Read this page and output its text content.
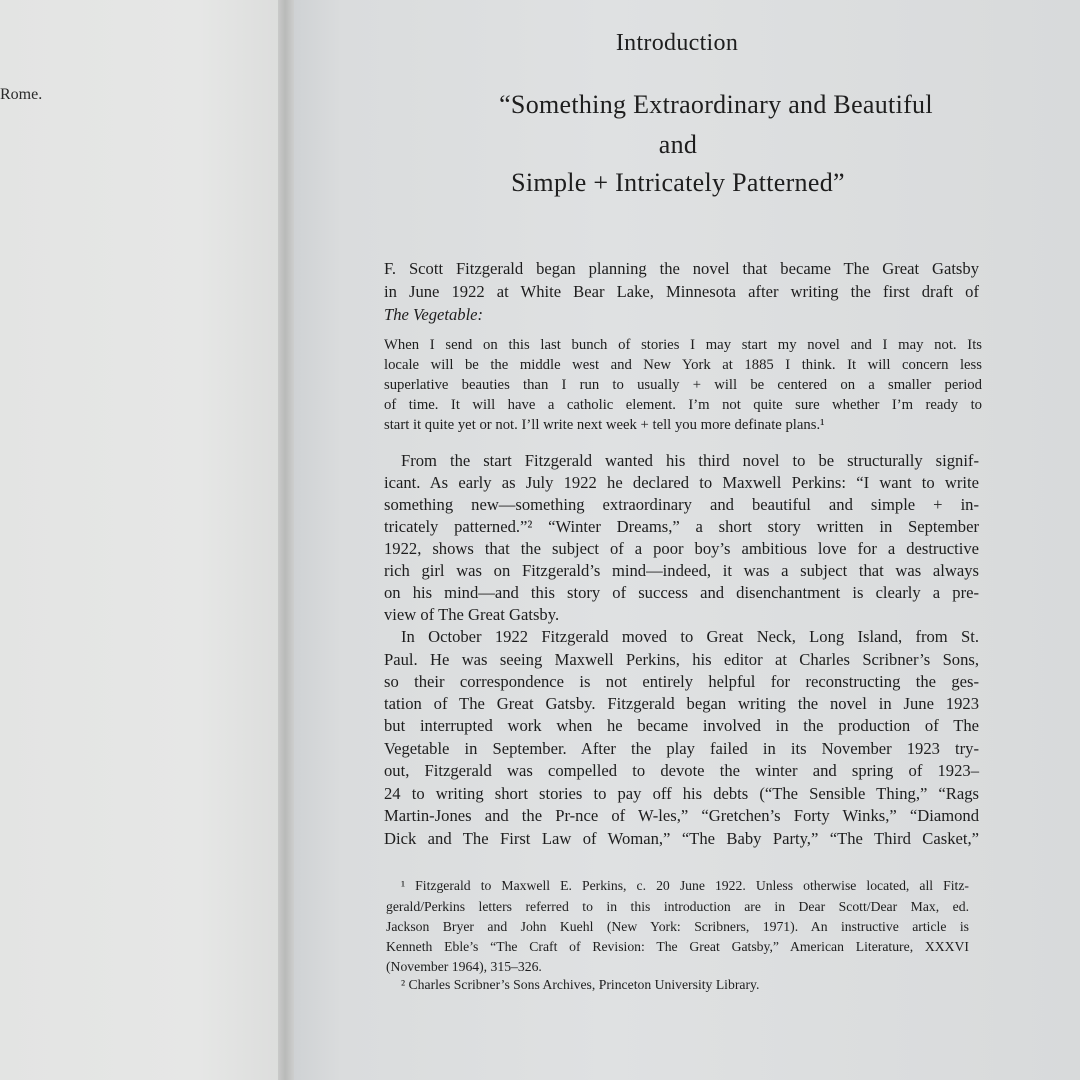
Rome.
Introduction
“Something Extraordinary and Beautiful
and
Simple + Intricately Patterned”
F. Scott Fitzgerald began planning the novel that became The Great Gatsby
in June 1922 at White Bear Lake, Minnesota after writing the first draft of
The Vegetable:
When I send on this last bunch of stories I may start my novel and I may not. Its
locale will be the middle west and New York at 1885 I think. It will concern less
superlative beauties than I run to usually + will be centered on a smaller period
of time. It will have a catholic element. I’m not quite sure whether I’m ready to
start it quite yet or not. I’ll write next week + tell you more definate plans.¹
From the start Fitzgerald wanted his third novel to be structurally signif-
icant. As early as July 1922 he declared to Maxwell Perkins: “I want to write
something new—something extraordinary and beautiful and simple + in-
tricately patterned.”² “Winter Dreams,” a short story written in September
1922, shows that the subject of a poor boy’s ambitious love for a destructive
rich girl was on Fitzgerald’s mind—indeed, it was a subject that was always
on his mind—and this story of success and disenchantment is clearly a pre-
view of The Great Gatsby.
In October 1922 Fitzgerald moved to Great Neck, Long Island, from St.
Paul. He was seeing Maxwell Perkins, his editor at Charles Scribner’s Sons,
so their correspondence is not entirely helpful for reconstructing the ges-
tation of The Great Gatsby. Fitzgerald began writing the novel in June 1923
but interrupted work when he became involved in the production of The
Vegetable in September. After the play failed in its November 1923 try-
out, Fitzgerald was compelled to devote the winter and spring of 1923–
24 to writing short stories to pay off his debts (“The Sensible Thing,” “Rags
Martin-Jones and the Pr-nce of W-les,” “Gretchen’s Forty Winks,” “Diamond
Dick and The First Law of Woman,” “The Baby Party,” “The Third Casket,”
¹ Fitzgerald to Maxwell E. Perkins, c. 20 June 1922. Unless otherwise located, all Fitz-
gerald/Perkins letters referred to in this introduction are in Dear Scott/Dear Max, ed.
Jackson Bryer and John Kuehl (New York: Scribners, 1971). An instructive article is
Kenneth Eble’s “The Craft of Revision: The Great Gatsby,” American Literature, XXXVI
(November 1964), 315–326.
² Charles Scribner’s Sons Archives, Princeton University Library.
